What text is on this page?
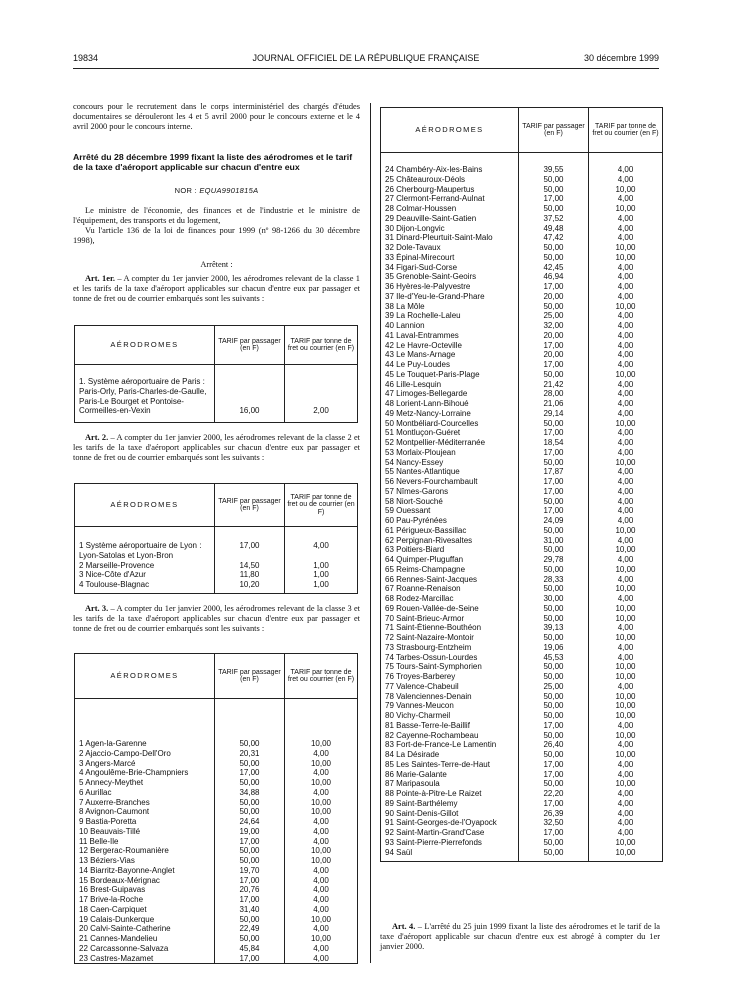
19834	JOURNAL OFFICIEL DE LA RÉPUBLIQUE FRANÇAISE	30 décembre 1999

concours pour le recrutement dans le corps interministériel des chargés d'études documentaires se dérouleront les 4 et 5 avril 2000 pour le concours externe et le 4 avril 2000 pour le concours interne.

Arrêté du 28 décembre 1999 fixant la liste des aérodromes et le tarif de la taxe d'aéroport applicable sur chacun d'entre eux
NOR : EQUA9901815A

Le ministre de l'économie, des finances et de l'industrie et le ministre de l'équipement, des transports et du logement,

Vu l'article 136 de la loi de finances pour 1999 (nº 98-1266 du 30 décembre 1998),

Arrêtent :

Art. 1er. – A compter du 1er janvier 2000, les aérodromes relevant de la classe 1 et les tarifs de la taxe d'aéroport applicables sur chacun d'entre eux par passager et tonne de fret ou de courrier embarqués sont les suivants :

AÉRODROMES	TARIF par passager (en F)	TARIF par tonne de fret ou courrier (en F)

1. Système aéroportuaire de Paris : Paris-Orly, Paris-Charles-de-Gaulle, Paris-Le Bourget et Pontoise-Cormeilles-en-Vexin	16,00	2,00

Art. 2. – A compter du 1er janvier 2000, les aérodromes relevant de la classe 2 et les tarifs de la taxe d'aéroport applicables sur chacun d'entre eux par passager et tonne de fret ou de courrier embarqués sont les suivants :

AÉRODROMES	TARIF par passager (en F)	TARIF par tonne de fret ou de courrier (en F)

1 Système aéroportuaire de Lyon : Lyon-Satolas et Lyon-Bron	17,00	4,00
2 Marseille-Provence	14,50	1,00
3 Nice-Côte d'Azur	11,80	1,00
4 Toulouse-Blagnac	10,20	1,00

Art. 3. – A compter du 1er janvier 2000, les aérodromes relevant de la classe 3 et les tarifs de la taxe d'aéroport applicables sur chacun d'entre eux par passager et tonne de fret ou de courrier embarqués sont les suivants :

AÉRODROMES	TARIF par passager (en F)	TARIF par tonne de fret ou courrier (en F)

1 Agen-la-Garenne	50,00	10,00
2 Ajaccio-Campo-Dell'Oro	20,31	4,00
3 Angers-Marcé	50,00	10,00
4 Angoulême-Brie-Champniers	17,00	4,00
5 Annecy-Meythet	50,00	10,00
6 Aurillac	34,88	4,00
7 Auxerre-Branches	50,00	10,00
8 Avignon-Caumont	50,00	10,00
9 Bastia-Poretta	24,64	4,00
10 Beauvais-Tillé	19,00	4,00
11 Belle-Ile	17,00	4,00
12 Bergerac-Roumanière	50,00	10,00
13 Béziers-Vias	50,00	10,00
14 Biarritz-Bayonne-Anglet	19,70	4,00
15 Bordeaux-Mérignac	17,00	4,00
16 Brest-Guipavas	20,76	4,00
17 Brive-la-Roche	17,00	4,00
18 Caen-Carpiquet	31,40	4,00
19 Calais-Dunkerque	50,00	10,00
20 Calvi-Sainte-Catherine	22,49	4,00
21 Cannes-Mandelieu	50,00	10,00
22 Carcassonne-Salvaza	45,84	4,00
23 Castres-Mazamet	17,00	4,00
AÉRODROMES	TARIF par passager (en F)	TARIF par tonne de fret ou courrier (en F)

24 Chambéry-Aix-les-Bains	39,55	4,00
25 Châteauroux-Déols	50,00	4,00
26 Cherbourg-Maupertus	50,00	10,00
27 Clermont-Ferrand-Aulnat	17,00	4,00
28 Colmar-Houssen	50,00	10,00
29 Deauville-Saint-Gatien	37,52	4,00
30 Dijon-Longvic	49,48	4,00
31 Dinard-Pleurtuit-Saint-Malo	47,42	4,00
32 Dole-Tavaux	50,00	10,00
33 Épinal-Mirecourt	50,00	10,00
34 Figari-Sud-Corse	42,45	4,00
35 Grenoble-Saint-Geoirs	46,94	4,00
36 Hyères-le-Palyvestre	17,00	4,00
37 Ile-d'Yeu-le-Grand-Phare	20,00	4,00
38 La Môle	50,00	10,00
39 La Rochelle-Laleu	25,00	4,00
40 Lannion	32,00	4,00
41 Laval-Entrammes	20,00	4,00
42 Le Havre-Octeville	17,00	4,00
43 Le Mans-Arnage	20,00	4,00
44 Le Puy-Loudes	17,00	4,00
45 Le Touquet-Paris-Plage	50,00	10,00
46 Lille-Lesquin	21,42	4,00
47 Limoges-Bellegarde	28,00	4,00
48 Lorient-Lann-Bihoué	21,06	4,00
49 Metz-Nancy-Lorraine	29,14	4,00
50 Montbéliard-Courcelles	50,00	10,00
51 Montluçon-Guéret	17,00	4,00
52 Montpellier-Méditerranée	18,54	4,00
53 Morlaix-Ploujean	17,00	4,00
54 Nancy-Essey	50,00	10,00
55 Nantes-Atlantique	17,87	4,00
56 Nevers-Fourchambault	17,00	4,00
57 Nîmes-Garons	17,00	4,00
58 Niort-Souché	50,00	4,00
59 Ouessant	17,00	4,00
60 Pau-Pyrénées	24,09	4,00
61 Périgueux-Bassillac	50,00	10,00
62 Perpignan-Rivesaltes	31,00	4,00
63 Poitiers-Biard	50,00	10,00
64 Quimper-Pluguffan	29,78	4,00
65 Reims-Champagne	50,00	10,00
66 Rennes-Saint-Jacques	28,33	4,00
67 Roanne-Renaison	50,00	10,00
68 Rodez-Marcillac	30,00	4,00
69 Rouen-Vallée-de-Seine	50,00	10,00
70 Saint-Brieuc-Armor	50,00	10,00
71 Saint-Étienne-Bouthéon	39,13	4,00
72 Saint-Nazaire-Montoir	50,00	10,00
73 Strasbourg-Entzheim	19,06	4,00
74 Tarbes-Ossun-Lourdes	45,53	4,00
75 Tours-Saint-Symphorien	50,00	10,00
76 Troyes-Barberey	50,00	10,00
77 Valence-Chabeuil	25,00	4,00
78 Valenciennes-Denain	50,00	10,00
79 Vannes-Meucon	50,00	10,00
80 Vichy-Charmeil	50,00	10,00
81 Basse-Terre-le-Baillif	17,00	4,00
82 Cayenne-Rochambeau	50,00	10,00
83 Fort-de-France-Le Lamentin	26,40	4,00
84 La Désirade	50,00	10,00
85 Les Saintes-Terre-de-Haut	17,00	4,00
86 Marie-Galante	17,00	4,00
87 Maripasoula	50,00	10,00
88 Pointe-à-Pitre-Le Raizet	22,20	4,00
89 Saint-Barthélemy	17,00	4,00
90 Saint-Denis-Gillot	26,39	4,00
91 Saint-Georges-de-l'Oyapock	32,50	4,00
92 Saint-Martin-Grand'Case	17,00	4,00
93 Saint-Pierre-Pierrefonds	50,00	10,00
94 Saül	50,00	10,00

Art. 4. – L'arrêté du 25 juin 1999 fixant la liste des aérodromes et le tarif de la taxe d'aéroport applicable sur chacun d'entre eux est abrogé à compter du 1er janvier 2000.
